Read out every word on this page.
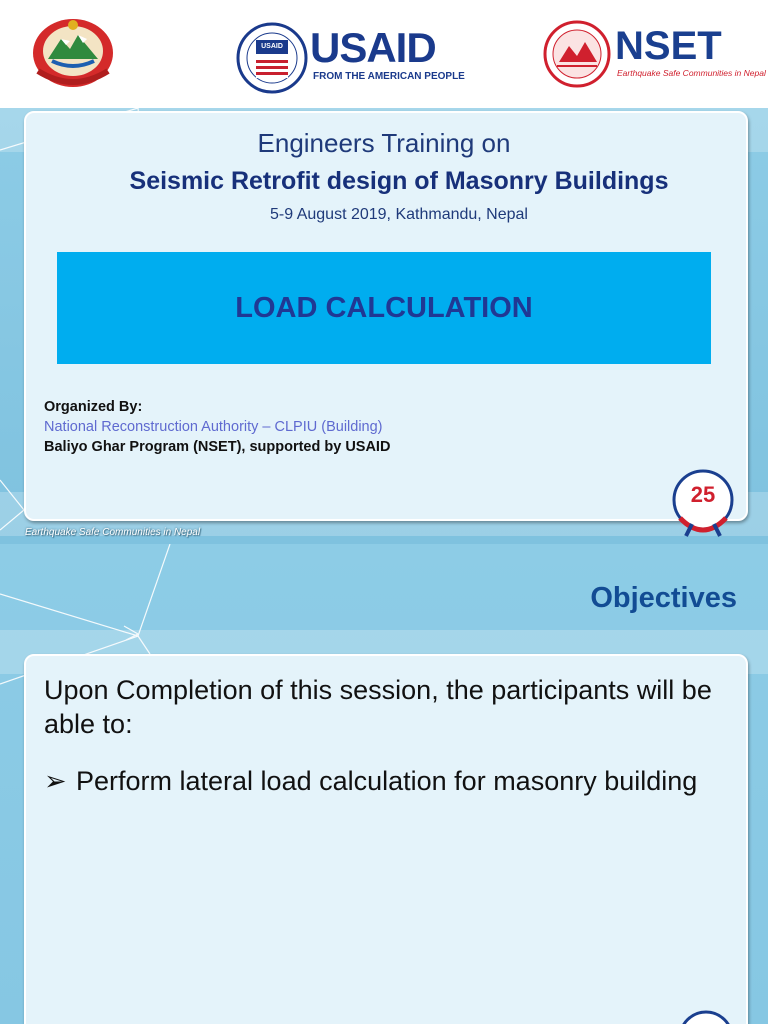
USAID USAID
FROM THE AMERICAN PEOPLE
NSET
Earthquake Safe Communities in Nepal
Engineers Training on
Seismic Retrofit design of Masonry Buildings
5-9 August 2019, Kathmandu, Nepal
LOAD CALCULATION
Organized By:
National Reconstruction Authority – CLPIU (Building)
Baliyo Ghar Program (NSET), supported by USAID
25
Earthquake Safe Communities in Nepal
Objectives
Upon Completion of this session, the participants will be able to:
➢ Perform lateral load calculation for masonry building
